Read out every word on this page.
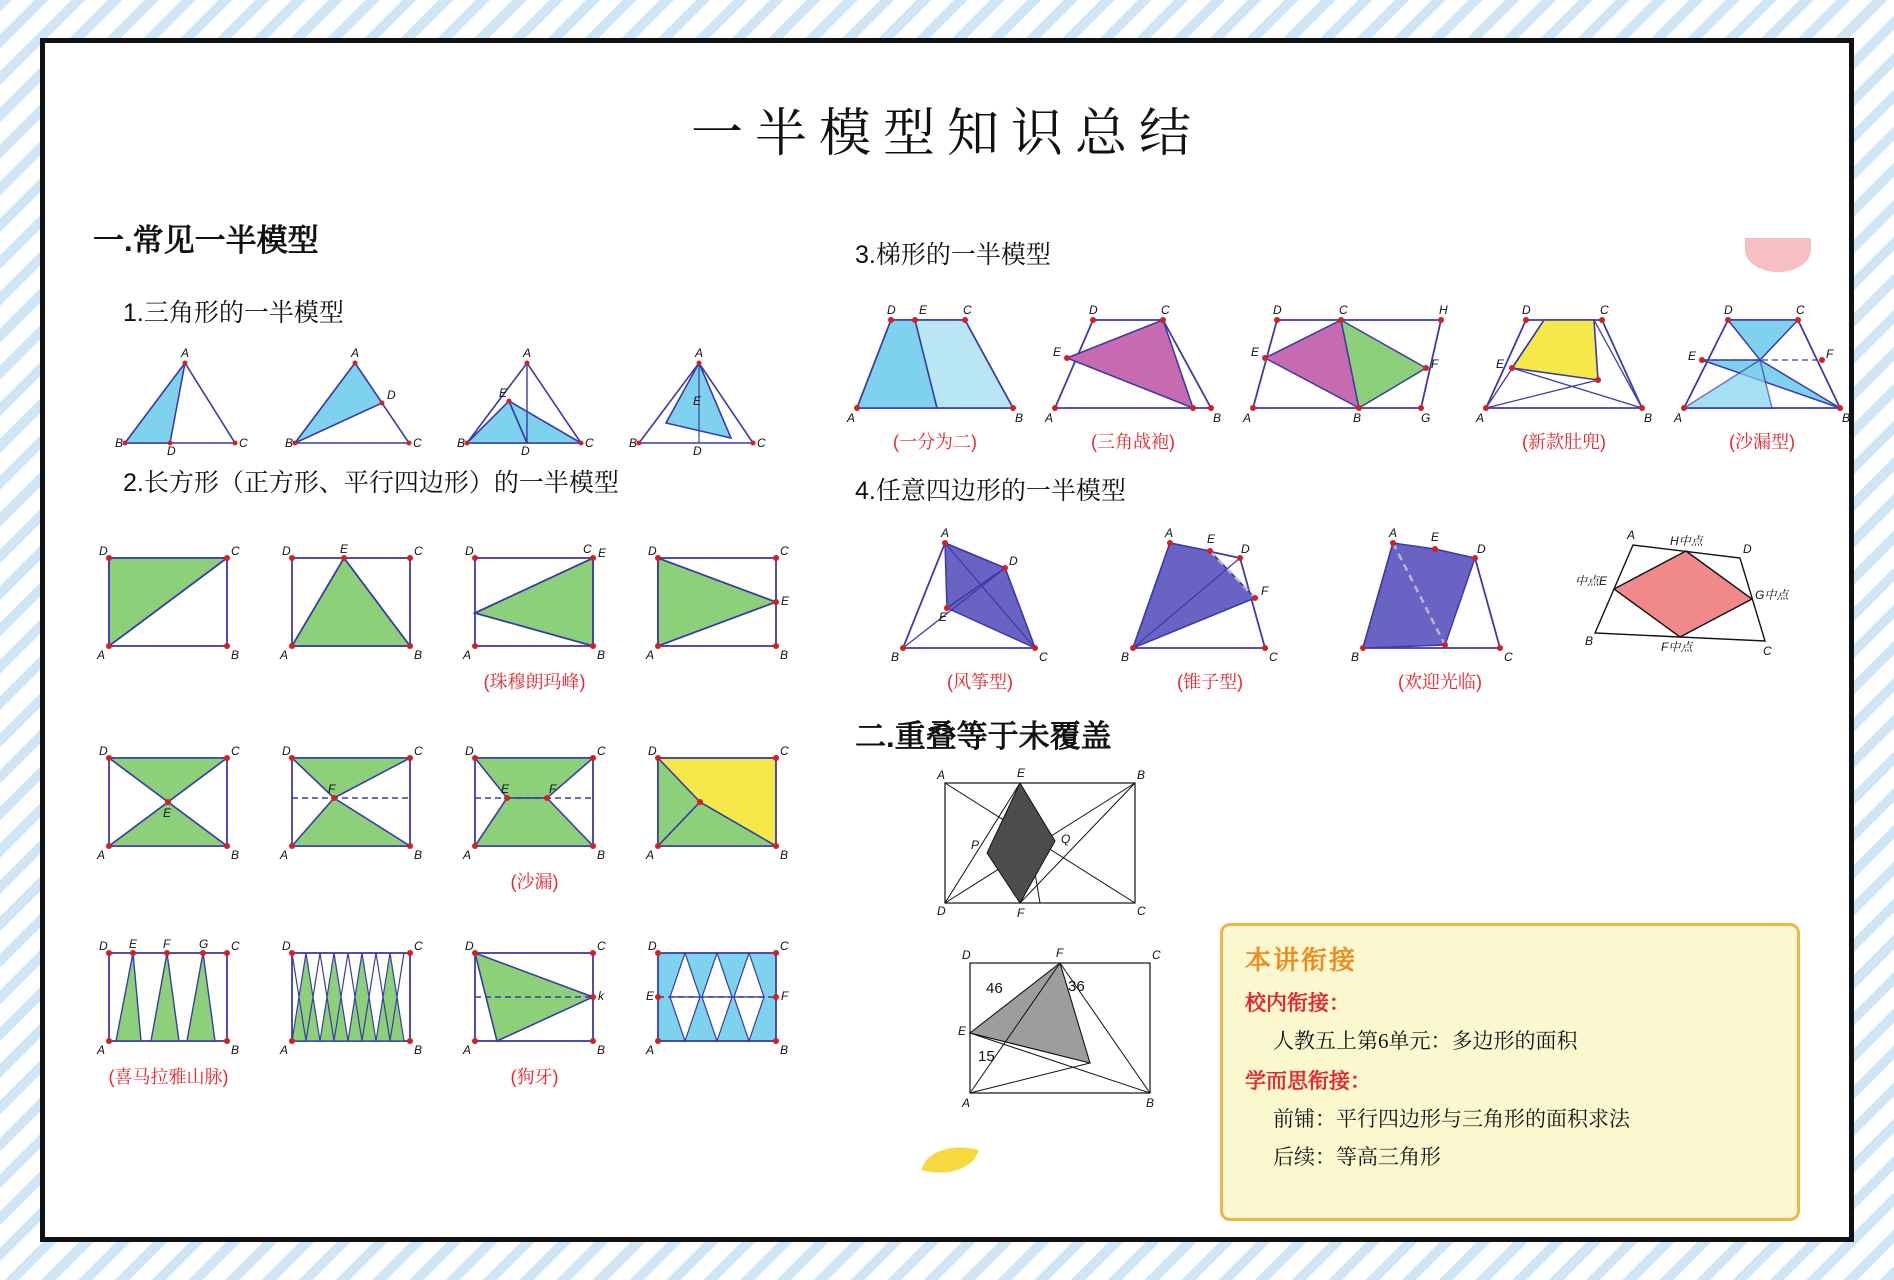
一半模型知识总结
一.常见一半模型
1.三角形的一半模型
A
B	C
D
A
B	C
D
A
B	C
D
E
A
B	C
D
E
2.长方形（正方形、平行四边形）的一半模型
D	C
A	B
D	E	C
A	B
D	C E
A	B
(珠穆朗玛峰)
D	C
E
A	B
D	C
E
A	B
D	C
F
A	B
D	C
E	F
A	B
(沙漏)
D	C
A	B
D E F G C
A	B
(喜马拉雅山脉)
D	C
A	B
D	C
k
A	B
(狗牙)
D	C
E	F
A	B
3.梯形的一半模型
D E	C
A	B
(一分为二)
D	C
E
A	B
(三角战袍)
D	C	H
E
F
A	B	G
D	C
E
A	B
(新款肚兜)
D	C
E	F
A	B
(沙漏型)
4.任意四边形的一半模型
A
D
E
B	C
(风筝型)
A	E
D
F
B	C
(锥子型)
A	E
D
B	C
(欢迎光临)
A
D
B
C
H中点
中点E
G中点
F中点
二.重叠等于未覆盖
A	E	B
P	Q
D	F	C
D	F	C
E
A	B
46	36
15
本讲衔接
校内衔接：
人教五上第6单元：多边形的面积
学而思衔接：
前铺：平行四边形与三角形的面积求法
后续：等高三角形
